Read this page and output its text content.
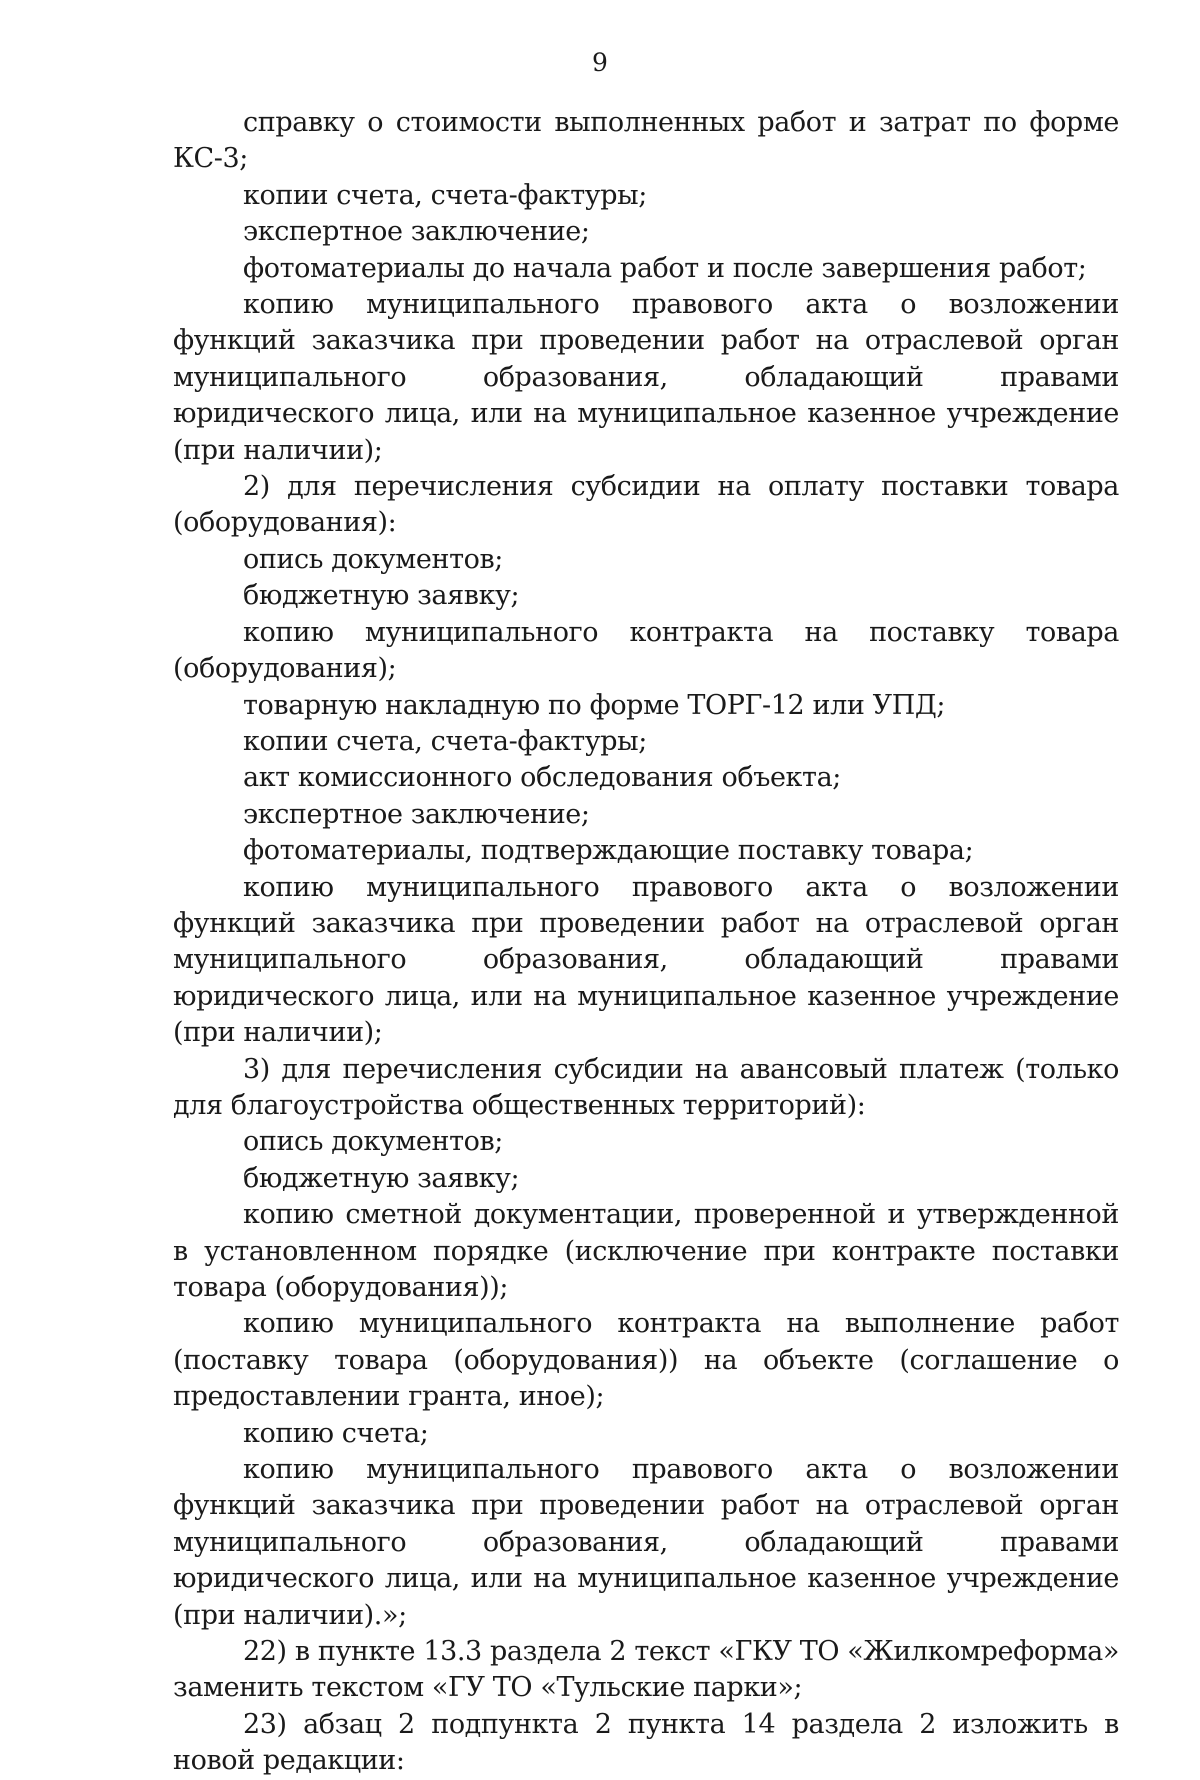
9

справку о стоимости выполненных работ и затрат по форме КС-3;

копии счета, счета-фактуры;

экспертное заключение;

фотоматериалы до начала работ и после завершения работ;

копию муниципального правового акта о возложении функций заказчика при проведении работ на отраслевой орган муниципального образования, обладающий правами юридического лица, или на муниципальное казенное учреждение (при наличии);

2) для перечисления субсидии на оплату поставки товара (оборудования):

опись документов;

бюджетную заявку;

копию муниципального контракта на поставку товара (оборудования);

товарную накладную по форме ТОРГ-12 или УПД;

копии счета, счета-фактуры;

акт комиссионного обследования объекта;

экспертное заключение;

фотоматериалы, подтверждающие поставку товара;

копию муниципального правового акта о возложении функций заказчика при проведении работ на отраслевой орган муниципального образования, обладающий правами юридического лица, или на муниципальное казенное учреждение (при наличии);

3) для перечисления субсидии на авансовый платеж (только для благоустройства общественных территорий):

опись документов;

бюджетную заявку;

копию сметной документации, проверенной и утвержденной в установленном порядке (исключение при контракте поставки товара (оборудования));

копию муниципального контракта на выполнение работ (поставку товара (оборудования)) на объекте (соглашение о предоставлении гранта, иное);

копию счета;

копию муниципального правового акта о возложении функций заказчика при проведении работ на отраслевой орган муниципального образования, обладающий правами юридического лица, или на муниципальное казенное учреждение (при наличии).»;

22) в пункте 13.3 раздела 2 текст «ГКУ ТО «Жилкомреформа» заменить текстом «ГУ ТО «Тульские парки»;

23) абзац 2 подпункта 2 пункта 14 раздела 2 изложить в новой редакции:
